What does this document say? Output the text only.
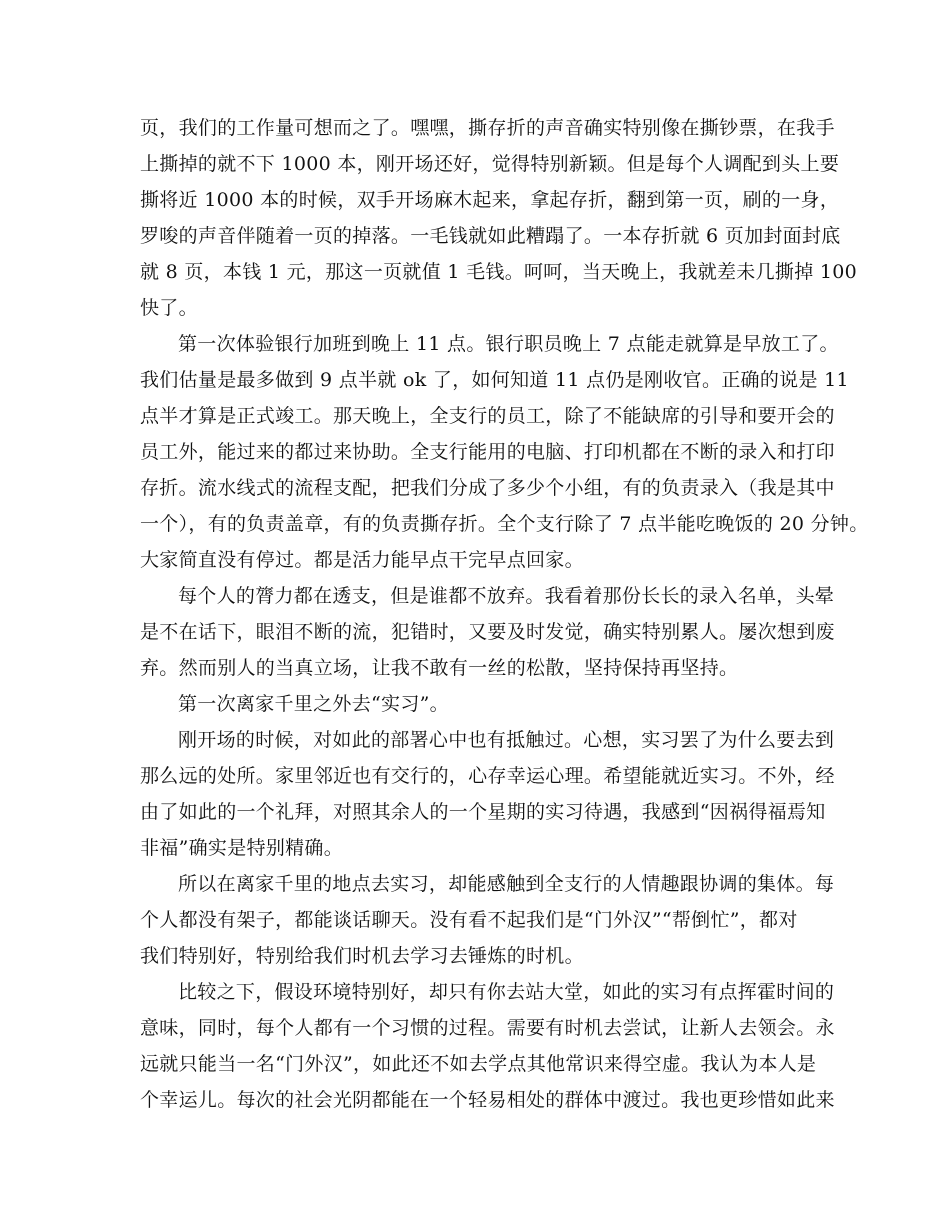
页，我们的工作量可想而之了。嘿嘿，撕存折的声音确实特别像在撕钞票，在我手
上撕掉的就不下 1000 本，刚开场还好，觉得特别新颖。但是每个人调配到头上要
撕将近 1000 本的时候，双手开场麻木起来，拿起存折，翻到第一页，刷的一身，
罗唆的声音伴随着一页的掉落。一毛钱就如此糟蹋了。一本存折就 6 页加封面封底
就 8 页，本钱 1 元，那这一页就值 1 毛钱。呵呵，当天晚上，我就差未几撕掉 100
快了。
第一次体验银行加班到晚上 11 点。银行职员晚上 7 点能走就算是早放工了。
我们估量是最多做到 9 点半就 ok 了，如何知道 11 点仍是刚收官。正确的说是 11
点半才算是正式竣工。那天晚上，全支行的员工，除了不能缺席的引导和要开会的
员工外，能过来的都过来协助。全支行能用的电脑、打印机都在不断的录入和打印
存折。流水线式的流程支配，把我们分成了多少个小组，有的负责录入（我是其中
一个），有的负责盖章，有的负责撕存折。全个支行除了 7 点半能吃晚饭的 20 分钟。
大家简直没有停过。都是活力能早点干完早点回家。
每个人的膂力都在透支，但是谁都不放弃。我看着那份长长的录入名单，头晕
是不在话下，眼泪不断的流，犯错时，又要及时发觉，确实特别累人。屡次想到废
弃。然而别人的当真立场，让我不敢有一丝的松散，坚持保持再坚持。
第一次离家千里之外去“实习”。
刚开场的时候，对如此的部署心中也有抵触过。心想，实习罢了为什么要去到
那么远的处所。家里邻近也有交行的，心存幸运心理。希望能就近实习。不外，经
由了如此的一个礼拜，对照其余人的一个星期的实习待遇，我感到“因祸得福焉知
非福”确实是特别精确。
所以在离家千里的地点去实习，却能感触到全支行的人情趣跟协调的集体。每
个人都没有架子，都能谈话聊天。没有看不起我们是“门外汉”“帮倒忙”，都对
我们特别好，特别给我们时机去学习去锤炼的时机。
比较之下，假设环境特别好，却只有你去站大堂，如此的实习有点挥霍时间的
意味，同时，每个人都有一个习惯的过程。需要有时机去尝试，让新人去领会。永
远就只能当一名“门外汉”，如此还不如去学点其他常识来得空虚。我认为本人是
个幸运儿。每次的社会光阴都能在一个轻易相处的群体中渡过。我也更珍惜如此来
